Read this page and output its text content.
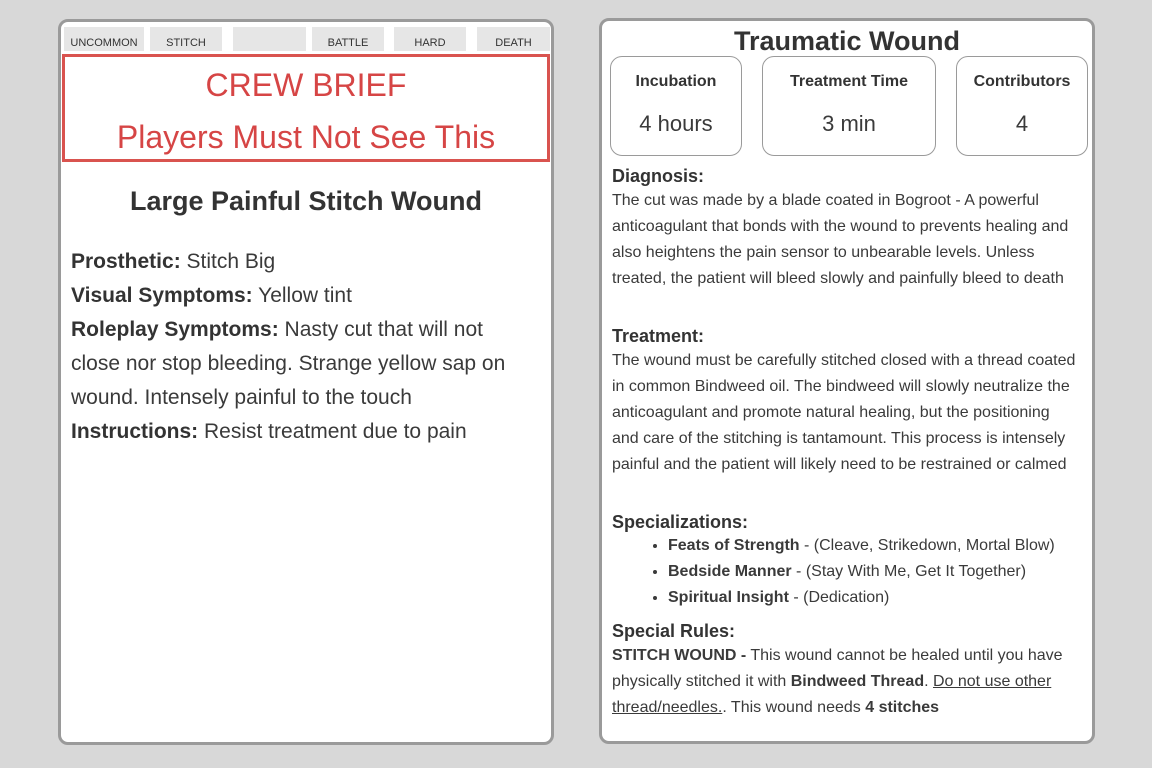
UNCOMMON	STITCH	BATTLE	HARD	DEATH
CREW BRIEF
Players Must Not See This
Large Painful Stitch Wound
Prosthetic: Stitch Big
Visual Symptoms: Yellow tint
Roleplay Symptoms: Nasty cut that will not close nor stop bleeding. Strange yellow sap on wound. Intensely painful to the touch
Instructions: Resist treatment due to pain
Traumatic Wound
Incubation
4 hours
Treatment Time
3 min
Contributors
4
Diagnosis:
The cut was made by a blade coated in Bogroot - A powerful anticoagulant that bonds with the wound to prevents healing and also heightens the pain sensor to unbearable levels. Unless treated, the patient will bleed slowly and painfully bleed to death
Treatment:
The wound must be carefully stitched closed with a thread coated in common Bindweed oil. The bindweed will slowly neutralize the anticoagulant and promote natural healing, but the positioning and care of the stitching is tantamount. This process is intensely painful and the patient will likely need to be restrained or calmed
Specializations:
• Feats of Strength - (Cleave, Strikedown, Mortal Blow)
• Bedside Manner - (Stay With Me, Get It Together)
• Spiritual Insight - (Dedication)
Special Rules:
STITCH WOUND - This wound cannot be healed until you have physically stitched it with Bindweed Thread. Do not use other thread/needles.. This wound needs 4 stitches
